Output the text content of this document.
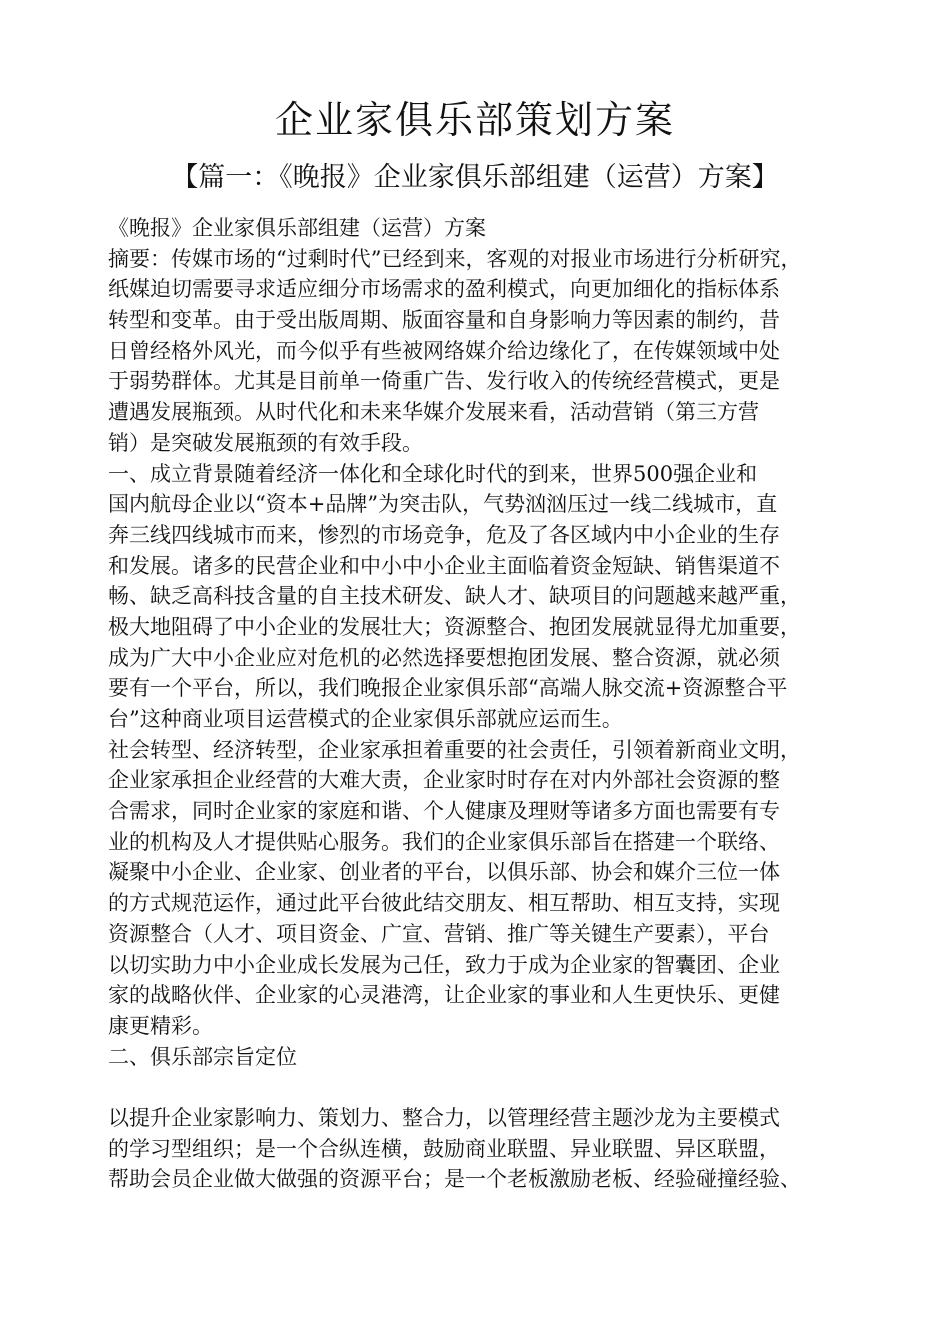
企业家俱乐部策划方案
【篇一：《晚报》企业家俱乐部组建（运营）方案】
《晚报》企业家俱乐部组建（运营）方案
摘要：传媒市场的“过剩时代”已经到来，客观的对报业市场进行分析研究，
纸媒迫切需要寻求适应细分市场需求的盈利模式，向更加细化的指标体系
转型和变革。由于受出版周期、版面容量和自身影响力等因素的制约，昔
日曾经格外风光，而今似乎有些被网络媒介给边缘化了，在传媒领域中处
于弱势群体。尤其是目前单一倚重广告、发行收入的传统经营模式，更是
遭遇发展瓶颈。从时代化和未来华媒介发展来看，活动营销（第三方营
销）是突破发展瓶颈的有效手段。
一、成立背景随着经济一体化和全球化时代的到来，世界500强企业和
国内航母企业以“资本+品牌”为突击队，气势汹汹压过一线二线城市，直
奔三线四线城市而来，惨烈的市场竞争，危及了各区域内中小企业的生存
和发展。诸多的民营企业和中小中小企业主面临着资金短缺、销售渠道不
畅、缺乏高科技含量的自主技术研发、缺人才、缺项目的问题越来越严重，
极大地阻碍了中小企业的发展壮大；资源整合、抱团发展就显得尤加重要，
成为广大中小企业应对危机的必然选择要想抱团发展、整合资源，就必须
要有一个平台，所以，我们晚报企业家俱乐部“高端人脉交流+资源整合平
台”这种商业项目运营模式的企业家俱乐部就应运而生。
社会转型、经济转型，企业家承担着重要的社会责任，引领着新商业文明，
企业家承担企业经营的大难大责，企业家时时存在对内外部社会资源的整
合需求，同时企业家的家庭和谐、个人健康及理财等诸多方面也需要有专
业的机构及人才提供贴心服务。我们的企业家俱乐部旨在搭建一个联络、
凝聚中小企业、企业家、创业者的平台，以俱乐部、协会和媒介三位一体
的方式规范运作，通过此平台彼此结交朋友、相互帮助、相互支持，实现
资源整合（人才、项目资金、广宣、营销、推广等关键生产要素），平台
以切实助力中小企业成长发展为己任，致力于成为企业家的智囊团、企业
家的战略伙伴、企业家的心灵港湾，让企业家的事业和人生更快乐、更健
康更精彩。
二、俱乐部宗旨定位
以提升企业家影响力、策划力、整合力，以管理经营主题沙龙为主要模式
的学习型组织；是一个合纵连横，鼓励商业联盟、异业联盟、异区联盟，
帮助会员企业做大做强的资源平台；是一个老板激励老板、经验碰撞经验、
